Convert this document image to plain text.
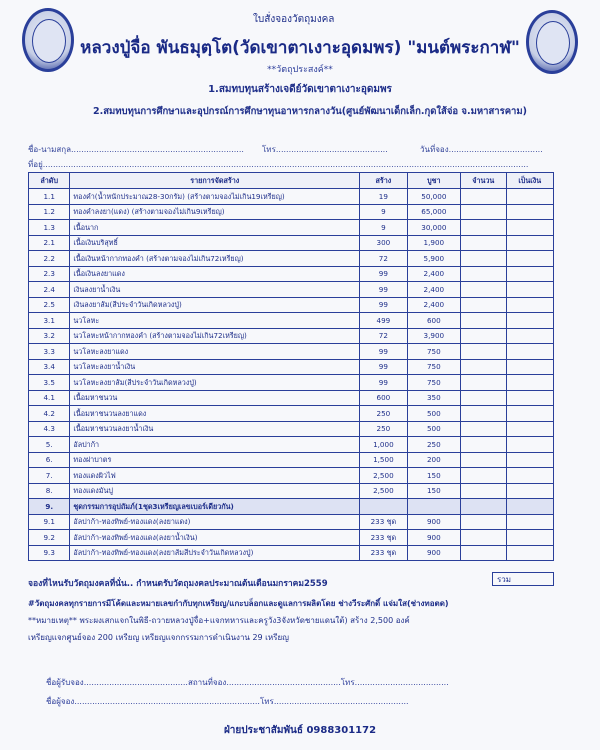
ใบสั่งจองวัตถุมงคล
หลวงปู่จื่อ พันธมุตฺโต(วัดเขาตาเงาะอุดมพร) "มนต์พระกาฬ"
**วัตถุประสงค์**
1.สมทบทุนสร้างเจดีย์วัดเขาตาเงาะอุดมพร
2.สมทบทุนการศึกษาและอุปกรณ์การศึกษาทุนอาหารกลางวัน(ศูนย์พัฒนาเด็กเล็ก.กุดใส้จ่อ จ.มหาสารคาม)
ชื่อ-นามสกุล.................................................................... โทร............................................	วันที่จอง.....................................
ที่อยู่...............................................................................................................................................................................................
ลำดับ	รายการจัดสร้าง	สร้าง	บูชา	จำนวน	เป็นเงิน
1.1	ทองคำ(น้ำหนักประมาณ28-30กรัม) (สร้างตามจองไม่เกิน19เหรียญ)	19	50,000		
1.2	ทองคำลงยา(แดง) (สร้างตามจองไม่เกิน9เหรียญ)	9	65,000		
1.3	เนื้อนาก	9	30,000		
2.1	เนื้อเงินบริสุทธิ์	300	1,900		
2.2	เนื้อเงินหน้ากากทองคำ (สร้างตามจองไม่เกิน72เหรียญ)	72	5,900		
2.3	เนื้อเงินลงยาแดง	99	2,400		
2.4	เงินลงยาน้ำเงิน	99	2,400		
2.5	เงินลงยาส้ม(สีประจำวันเกิดหลวงปู่)	99	2,400		
3.1	นวโลหะ	499	600		
3.2	นวโลหะหน้ากากทองคำ (สร้างตามจองไม่เกิน72เหรียญ)	72	3,900		
3.3	นวโลหะลงยาแดง	99	750		
3.4	นวโลหะลงยาน้ำเงิน	99	750		
3.5	นวโลหะลงยาส้ม(สีประจำวันเกิดหลวงปู่)	99	750		
4.1	เนื้อมหาชนวน	600	350		
4.2	เนื้อมหาชนวนลงยาแดง	250	500		
4.3	เนื้อมหาชนวนลงยาน้ำเงิน	250	500		
5.	อัลปาก้า	1,000	250		
6.	ทองฝาบาตร	1,500	200		
7.	ทองแดงผิวไฟ	2,500	150		
8.	ทองแดงมันปู	2,500	150		
9.	ชุดกรรมการอุปถัมภ์(1ชุด3เหรียญเลขเบอร์เดียวกัน)				
9.1	อัลปาก้า-ทองทิพย์-ทองแดง(ลงยาแดง)	233 ชุด	900		
9.2	อัลปาก้า-ทองทิพย์-ทองแดง(ลงยาน้ำเงิน)	233 ชุด	900		
9.3	อัลปาก้า-ทองทิพย์-ทองแดง(ลงยาส้มสีประจำวันเกิดหลวงปู่)	233 ชุด	900		
รวม
จองที่ไหนรับวัตถุมงคลที่นั่น.. กำหนดรับวัตถุมงคลประมาณต้นเดือนมกราคม2559
#วัตถุมงคลทุกรายการมีโค้ดและหมายเลขกำกับทุกเหรียญ/แกะบล็อกและดูแลการผลิตโดย ช่างวีระศักดิ์ แจ่มใส(ช่างทอตด)
**หมายเหตุ** พระผงเสกแจกในพิธี-ถวายหลวงปู่จื่อ+แจกทหารและครูวัง3จังหวัดชายแดนใต้) สร้าง 2,500 องค์
เหรียญแจกศูนย์จอง 200 เหรียญ เหรียญแจกกรรมการดำเนินงาน 29 เหรียญ
ชื่อผู้รับจอง.........................................สถานที่จอง.............................................โทร.....................................
ชื่อผู้จอง.........................................................................โทร.....................................................
ฝ่ายประชาสัมพันธ์ 0988301172
